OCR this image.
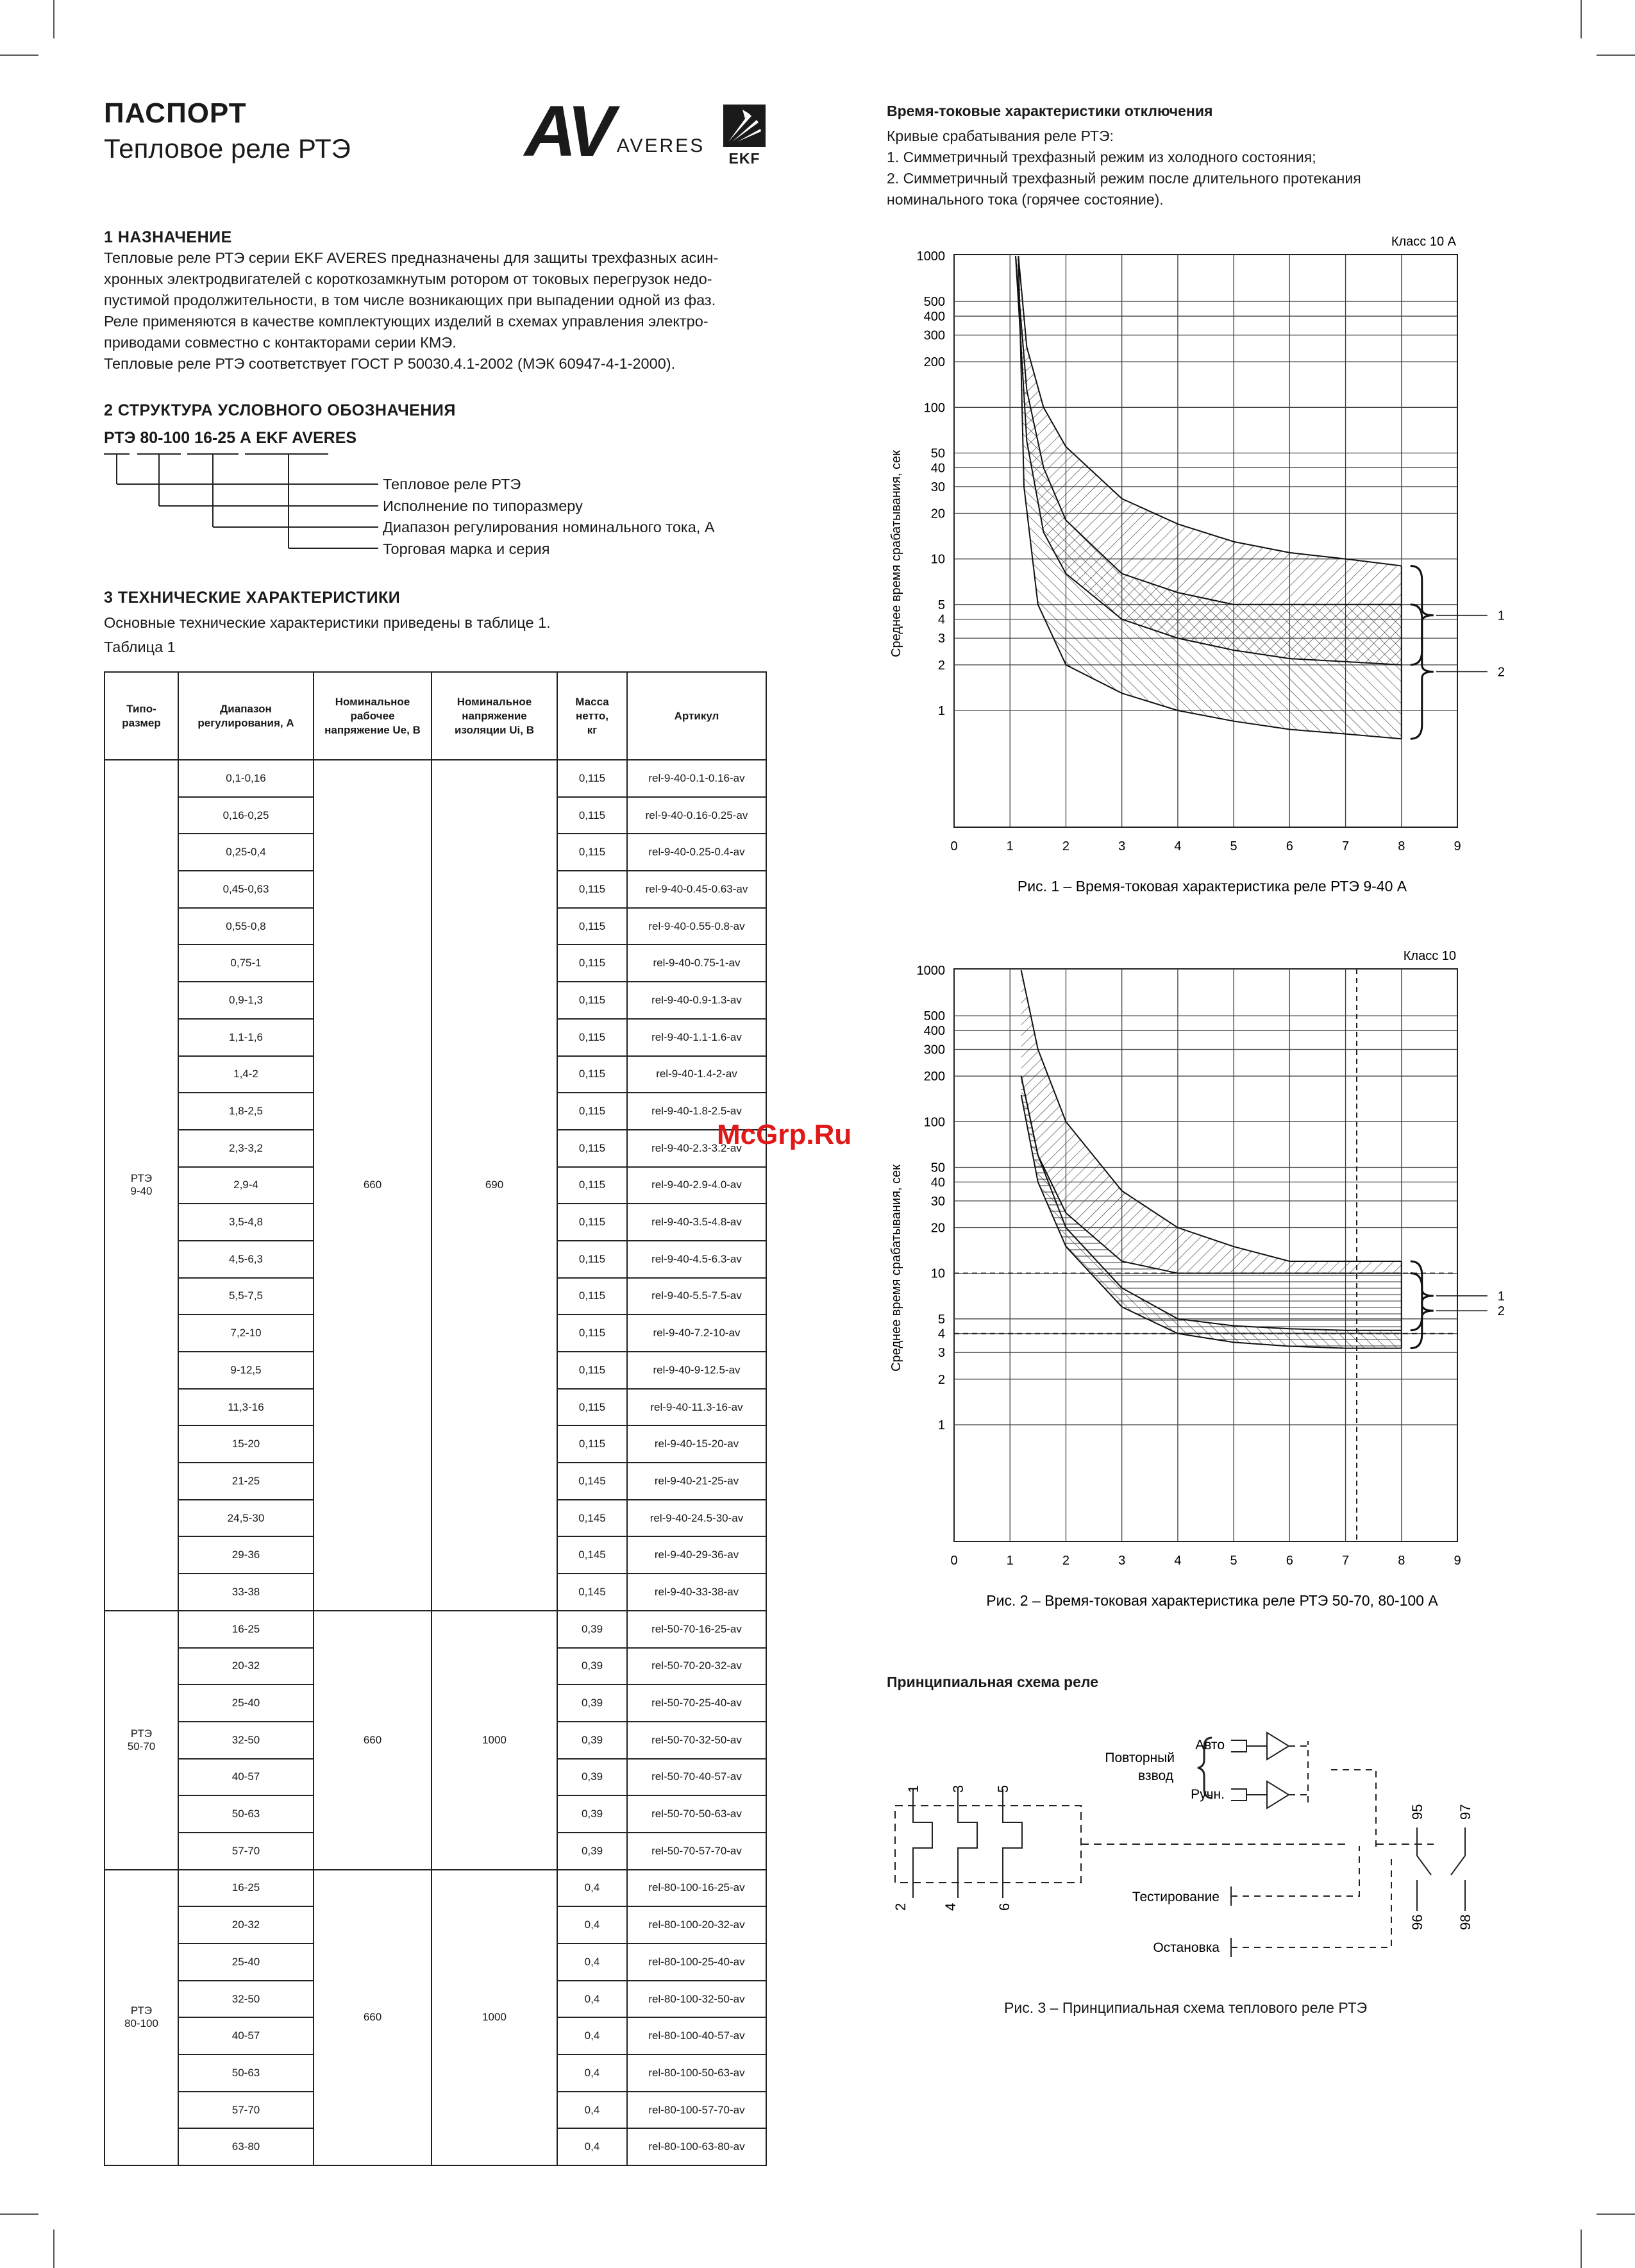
ПАСПОРТ
Тепловое реле РТЭ AV AVERES
EKF
1 НАЗНАЧЕНИЕ
Тепловые реле РТЭ серии EKF AVERES предназначены для защиты трехфазных асин-
хронных электродвигателей с короткозамкнутым ротором от токовых перегрузок недо-
пустимой продолжительности, в том числе возникающих при выпадении одной из фаз.
Реле применяются в качестве комплектующих изделий в схемах управления электро-
приводами совместно с контакторами серии КМЭ.
Тепловые реле РТЭ соответствует ГОСТ Р 50030.4.1-2002 (МЭК 60947-4-1-2000).
2 СТРУКТУРА УСЛОВНОГО ОБОЗНАЧЕНИЯ
РТЭ 80-100 16-25 А EKF AVERES
Тепловое реле РТЭ
Исполнение по типоразмеру
Диапазон регулирования номинального тока, А
Торговая марка и серия
3 ТЕХНИЧЕСКИЕ ХАРАКТЕРИСТИКИ
Основные технические характеристики приведены в таблице 1.
Таблица 1
Типо-
размер	Диапазон
регулирования, А	Номинальное
рабочее
напряжение Ue, В	Номинальное
напряжение
изоляции Ui, В	Масса
нетто,
кг	Артикул
РТЭ
9-40	0,1-0,16	660	690	0,115	rel-9-40-0.1-0.16-av
	0,16-0,25			0,115	rel-9-40-0.16-0.25-av
	0,25-0,4			0,115	rel-9-40-0.25-0.4-av
	0,45-0,63			0,115	rel-9-40-0.45-0.63-av
	0,55-0,8			0,115	rel-9-40-0.55-0.8-av
	0,75-1			0,115	rel-9-40-0.75-1-av
	0,9-1,3			0,115	rel-9-40-0.9-1.3-av
	1,1-1,6			0,115	rel-9-40-1.1-1.6-av
	1,4-2			0,115	rel-9-40-1.4-2-av
	1,8-2,5			0,115	rel-9-40-1.8-2.5-av
	2,3-3,2			0,115	rel-9-40-2.3-3.2-av
	2,9-4			0,115	rel-9-40-2.9-4.0-av
	3,5-4,8			0,115	rel-9-40-3.5-4.8-av
	4,5-6,3			0,115	rel-9-40-4.5-6.3-av
	5,5-7,5			0,115	rel-9-40-5.5-7.5-av
	7,2-10			0,115	rel-9-40-7.2-10-av
	9-12,5			0,115	rel-9-40-9-12.5-av
	11,3-16			0,115	rel-9-40-11.3-16-av
	15-20			0,115	rel-9-40-15-20-av
	21-25			0,145	rel-9-40-21-25-av
	24,5-30			0,145	rel-9-40-24.5-30-av
	29-36			0,145	rel-9-40-29-36-av
	33-38			0,145	rel-9-40-33-38-av
РТЭ
50-70	16-25	660	1000	0,39	rel-50-70-16-25-av
	20-32			0,39	rel-50-70-20-32-av
	25-40			0,39	rel-50-70-25-40-av
	32-50			0,39	rel-50-70-32-50-av
	40-57			0,39	rel-50-70-40-57-av
	50-63			0,39	rel-50-70-50-63-av
	57-70			0,39	rel-50-70-57-70-av
РТЭ
80-100	16-25	660	1000	0,4	rel-80-100-16-25-av
	20-32			0,4	rel-80-100-20-32-av
	25-40			0,4	rel-80-100-25-40-av
	32-50			0,4	rel-80-100-32-50-av
	40-57			0,4	rel-80-100-40-57-av
	50-63			0,4	rel-80-100-50-63-av
	57-70			0,4	rel-80-100-57-70-av
	63-80			0,4	rel-80-100-63-80-av
Время-токовые характеристики отключения
Кривые срабатывания реле РТЭ:
1. Симметричный трехфазный режим из холодного состояния;
2. Симметричный трехфазный режим после длительного протекания
номинального тока (горячее состояние).
1
2
3
4
5
10
20
30
40
50
100
200
300
400
500
1000
0	1	2	3	4	5	6	7	8	9
Класс 10 А
Среднее время срабатывания, сек
Рис. 1 – Время-токовая характеристика реле РТЭ 9-40 А
1
2
1
2
3
4
5
10
20
30
40
50
100
200
300
400
500
1000
0	1	2	3	4	5	6	7	8	9
Класс 10
Среднее время срабатывания, сек
Рис. 2 – Время-токовая характеристика реле РТЭ 50-70, 80-100 А
1
2
McGrp.Ru
Принципиальная схема реле
Повторный
взвод
Авто
Ручн.
Тестирование
Остановка
1 3 5
2 4	6
95
96
97
98
Рис. 3 – Принципиальная схема теплового реле РТЭ
